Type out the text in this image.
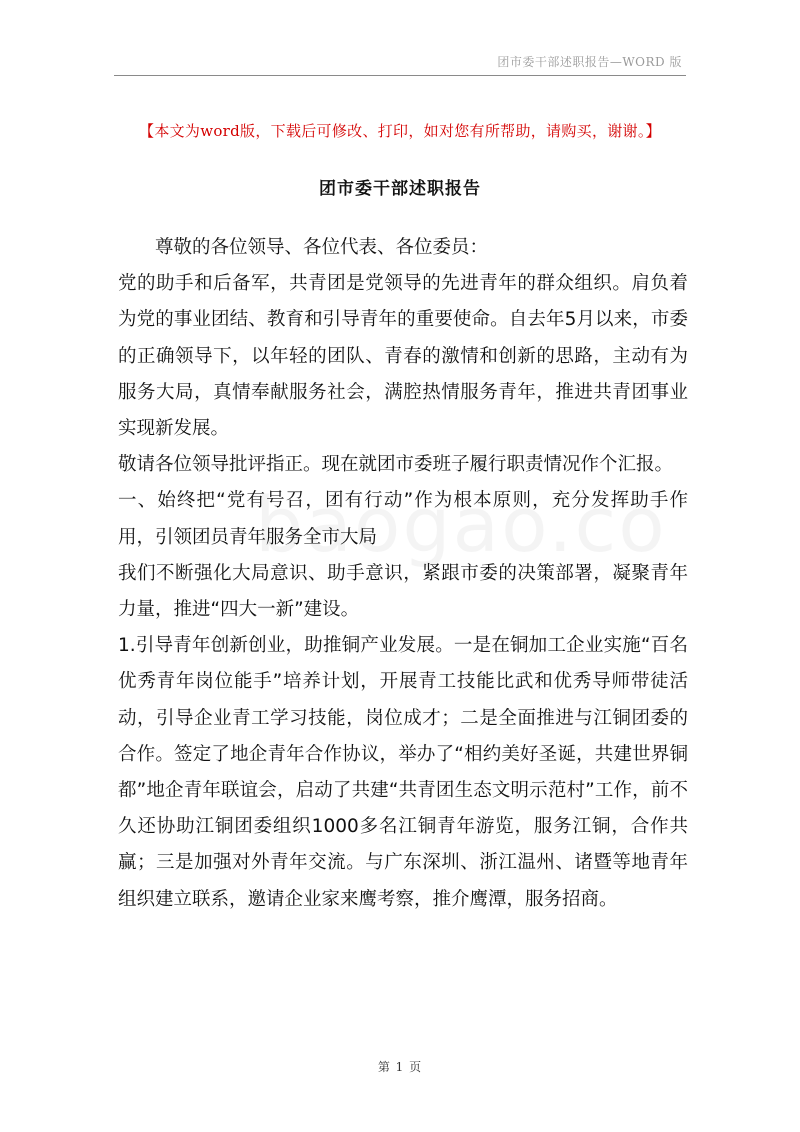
团市委干部述职报告—WORD 版
【本文为word版，下载后可修改、打印，如对您有所帮助，请购买，谢谢。】
团市委干部述职报告

尊敬的各位领导、各位代表、各位委员：

党的助手和后备军，共青团是党领导的先进青年的群众组织。肩负着为党的事业团结、教育和引导青年的重要使命。自去年5月以来，市委的正确领导下，以年轻的团队、青春的激情和创新的思路，主动有为服务大局，真情奉献服务社会，满腔热情服务青年，推进共青团事业实现新发展。

敬请各位领导批评指正。现在就团市委班子履行职责情况作个汇报。

一、始终把“党有号召，团有行动”作为根本原则，充分发挥助手作用，引领团员青年服务全市大局

我们不断强化大局意识、助手意识，紧跟市委的决策部署，凝聚青年力量，推进“四大一新”建设。

1.引导青年创新创业，助推铜产业发展。一是在铜加工企业实施“百名优秀青年岗位能手”培养计划，开展青工技能比武和优秀导师带徒活动，引导企业青工学习技能，岗位成才；二是全面推进与江铜团委的合作。签定了地企青年合作协议，举办了“相约美好圣诞，共建世界铜都”地企青年联谊会，启动了共建“共青团生态文明示范村”工作，前不久还协助江铜团委组织1000多名江铜青年游览，服务江铜，合作共赢；三是加强对外青年交流。与广东深圳、浙江温州、诸暨等地青年组织建立联系，邀请企业家来鹰考察，推介鹰潭，服务招商。

第 1 页
